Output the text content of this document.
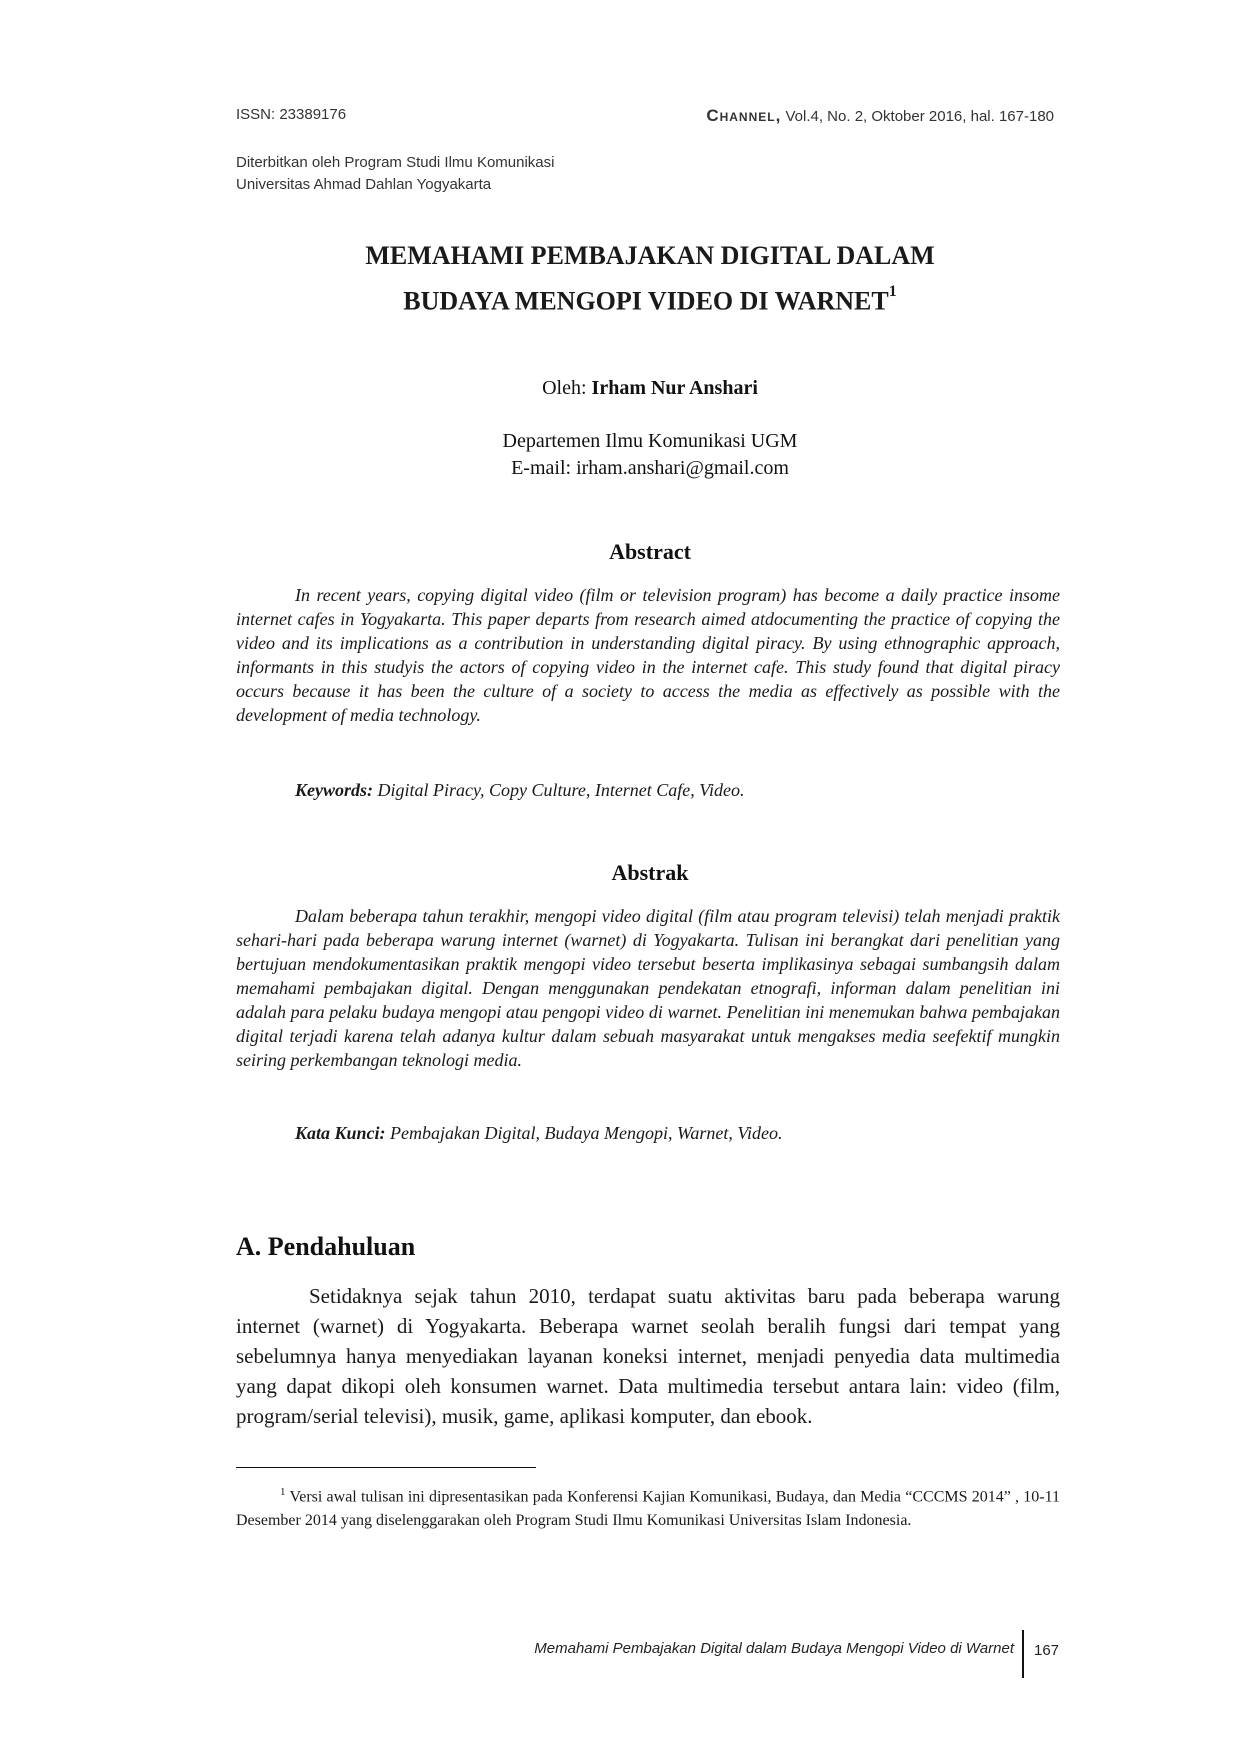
ISSN: 23389176	Channel, Vol.4, No. 2, Oktober 2016, hal. 167-180
Diterbitkan oleh Program Studi Ilmu Komunikasi
Universitas Ahmad Dahlan Yogyakarta
MEMAHAMI PEMBAJAKAN DIGITAL DALAM
BUDAYA MENGOPI VIDEO DI WARNET$^1$
Oleh: Irham Nur Anshari
Departemen Ilmu Komunikasi UGM
E-mail: irham.anshari@gmail.com
Abstract
In recent years, copying digital video (film or television program) has become a daily practice insome internet cafes in Yogyakarta. This paper departs from research aimed atdocumenting the practice of copying the video and its implications as a contribution in understanding digital piracy. By using ethnographic approach, informants in this studyis the actors of copying video in the internet cafe. This study found that digital piracy occurs because it has been the culture of a society to access the media as effectively as possible with the development of media technology.
Keywords: Digital Piracy, Copy Culture, Internet Cafe, Video.
Abstrak
Dalam beberapa tahun terakhir, mengopi video digital (film atau program televisi) telah menjadi praktik sehari-hari pada beberapa warung internet (warnet) di Yogyakarta. Tulisan ini berangkat dari penelitian yang bertujuan mendokumentasikan praktik mengopi video tersebut beserta implikasinya sebagai sumbangsih dalam memahami pembajakan digital. Dengan menggunakan pendekatan etnografi, informan dalam penelitian ini adalah para pelaku budaya mengopi atau pengopi video di warnet. Penelitian ini menemukan bahwa pembajakan digital terjadi karena telah adanya kultur dalam sebuah masyarakat untuk mengakses media seefektif mungkin seiring perkembangan teknologi media.
Kata Kunci: Pembajakan Digital, Budaya Mengopi, Warnet, Video.
A. Pendahuluan
Setidaknya sejak tahun 2010, terdapat suatu aktivitas baru pada beberapa warung internet (warnet) di Yogyakarta. Beberapa warnet seolah beralih fungsi dari tempat yang sebelumnya hanya menyediakan layanan koneksi internet, menjadi penyedia data multimedia yang dapat dikopi oleh konsumen warnet. Data multimedia tersebut antara lain: video (film, program/serial televisi), musik, game, aplikasi komputer, dan ebook.
$^1$ Versi awal tulisan ini dipresentasikan pada Konferensi Kajian Komunikasi, Budaya, dan Media “CCCMS 2014” , 10-11 Desember 2014 yang diselenggarakan oleh Program Studi Ilmu Komunikasi Universitas Islam Indonesia.
Memahami Pembajakan Digital dalam Budaya Mengopi Video di Warnet 167
